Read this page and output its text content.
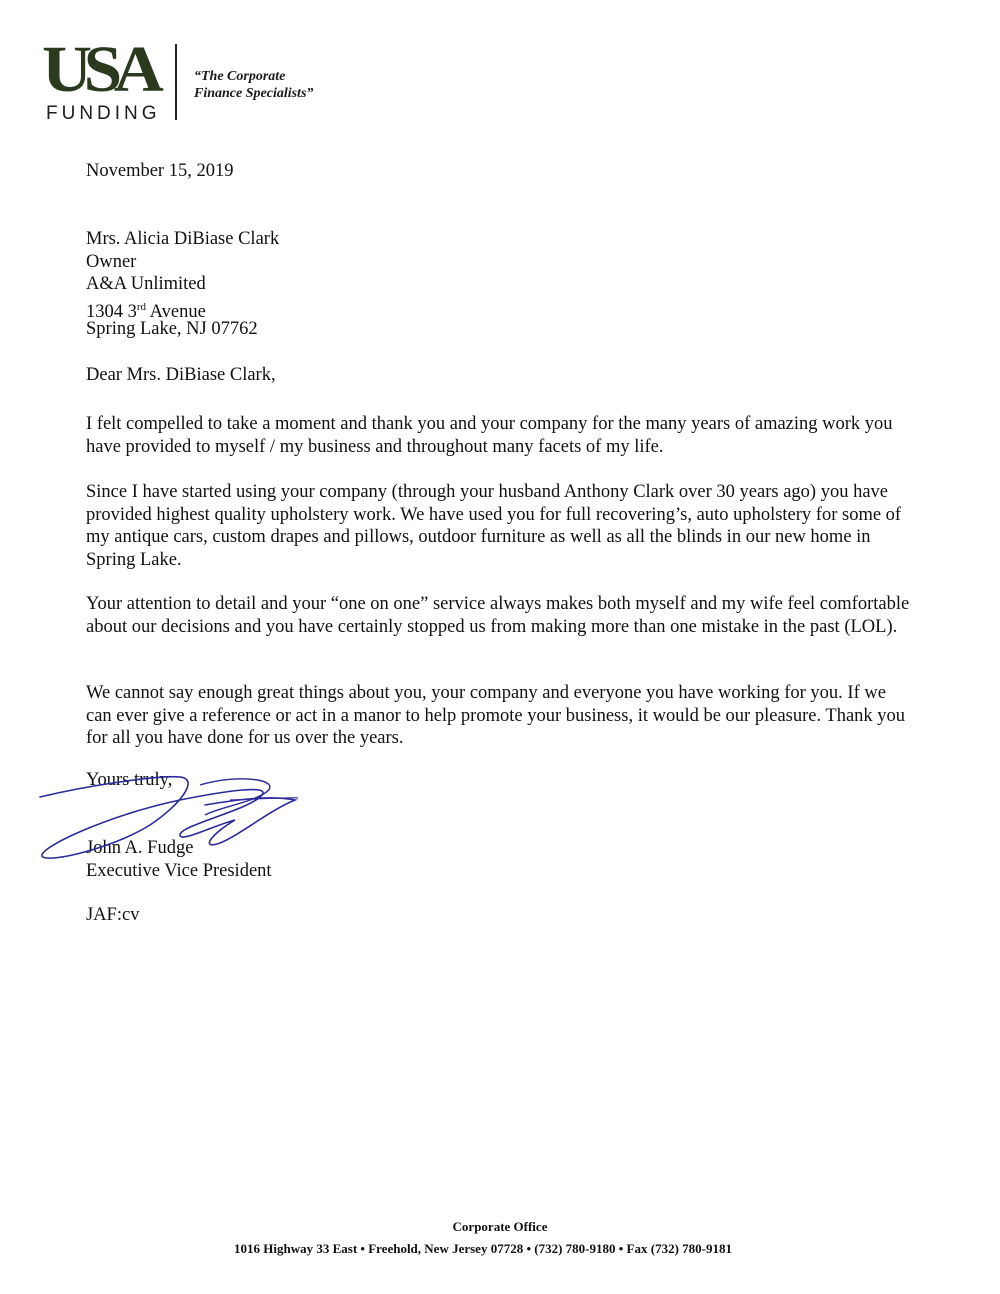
USA
FUNDING
“The Corporate
Finance Specialists”
November 15, 2019
Mrs. Alicia DiBiase Clark
Owner
A&A Unlimited
1304 3rd Avenue
Spring Lake, NJ 07762
Dear Mrs. DiBiase Clark,
I felt compelled to take a moment and thank you and your company for the many years of amazing work you have provided to myself / my business and throughout many facets of my life.
Since I have started using your company (through your husband Anthony Clark over 30 years ago) you have provided highest quality upholstery work. We have used you for full recovering’s, auto upholstery for some of my antique cars, custom drapes and pillows, outdoor furniture as well as all the blinds in our new home in Spring Lake.
Your attention to detail and your “one on one” service always makes both myself and my wife feel comfortable about our decisions and you have certainly stopped us from making more than one mistake in the past (LOL).
We cannot say enough great things about you, your company and everyone you have working for you. If we can ever give a reference or act in a manor to help promote your business, it would be our pleasure. Thank you for all you have done for us over the years.
Yours truly,
John A. Fudge
Executive Vice President
JAF:cv
Corporate Office
1016 Highway 33 East • Freehold, New Jersey 07728 • (732) 780-9180 • Fax (732) 780-9181
